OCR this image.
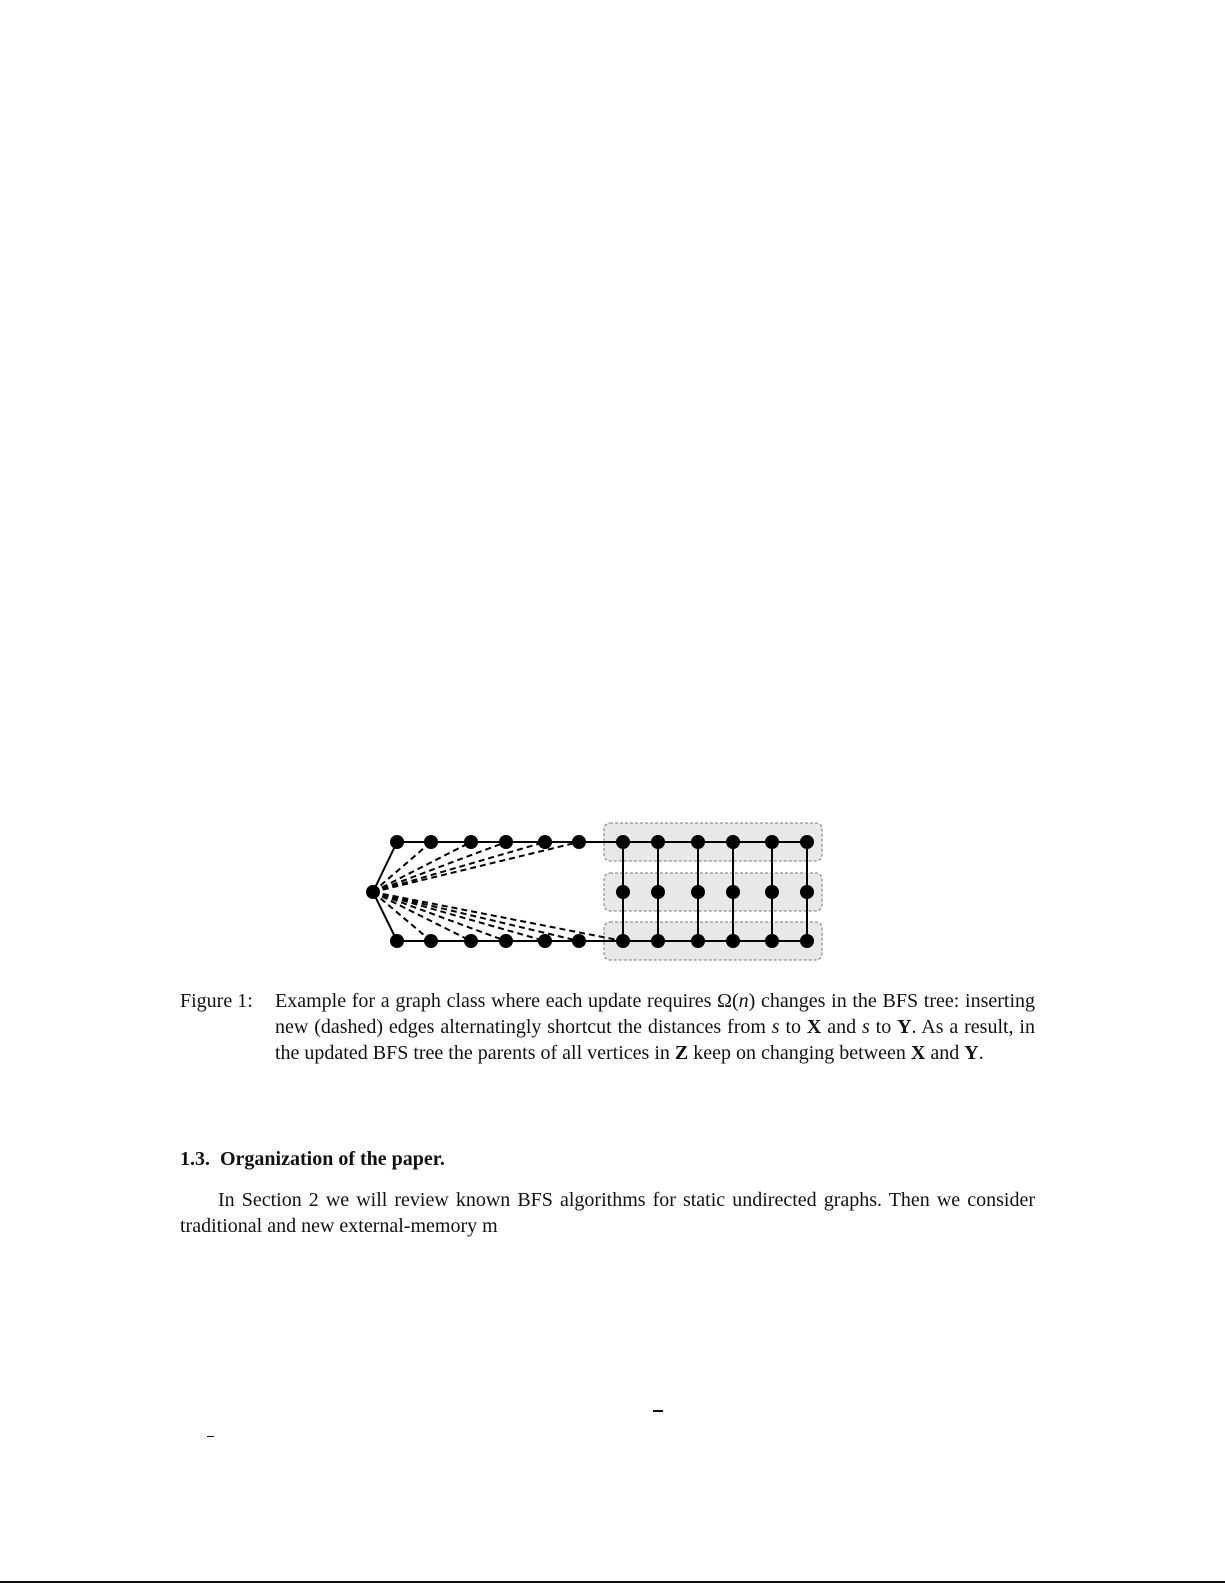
Figure 1: Example for a graph class where each update requires Ω(n) changes in the BFS tree: inserting new (dashed) edges alternatingly shortcut the distances from s to X and s to Y. As a result, in the updated BFS tree the parents of all vertices in Z keep on changing between X and Y.
1.3. Organization of the paper.
In Section 2 we will review known BFS algorithms for static undirected graphs. Then we consider traditional and new external-memory m
